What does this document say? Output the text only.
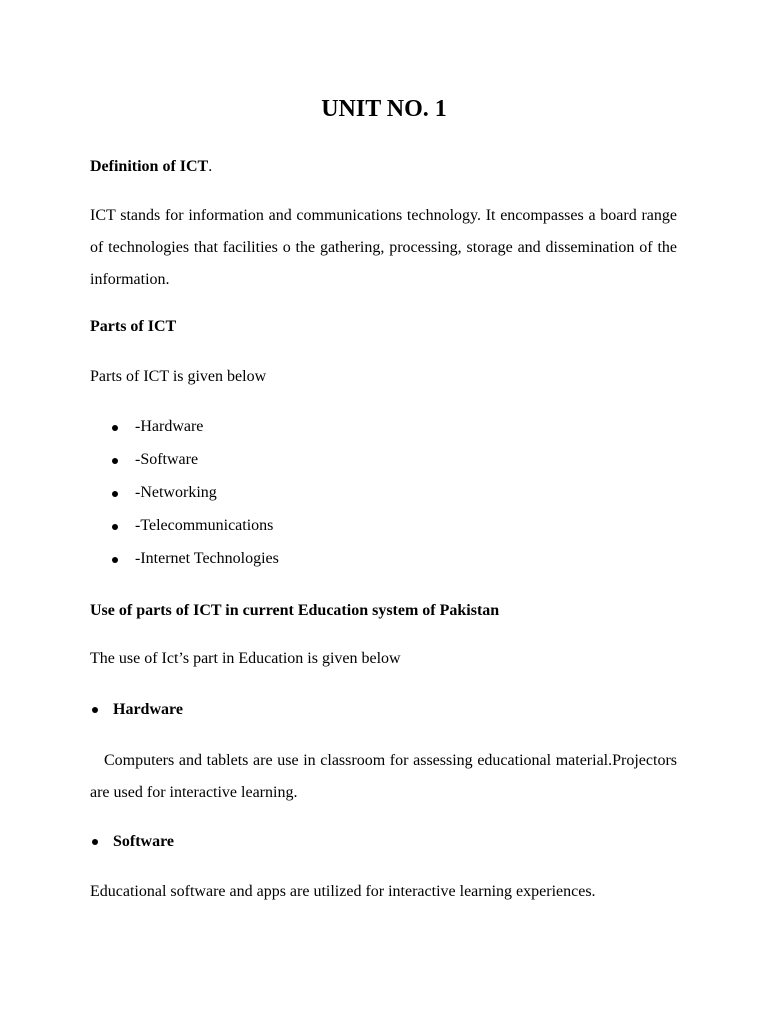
UNIT NO. 1
Definition of ICT.
ICT stands for information and communications technology. It encompasses a board range of technologies that facilities o the gathering, processing, storage and dissemination of the information.
Parts of ICT
Parts of ICT is given below
-Hardware
-Software
-Networking
-Telecommunications
-Internet Technologies
Use of parts of ICT in current Education system of Pakistan
The use of Ict’s part in Education is given below
Hardware
Computers and tablets are use in classroom for assessing educational material.Projectors are used for interactive learning.
Software
Educational software and apps are utilized for interactive learning experiences.
